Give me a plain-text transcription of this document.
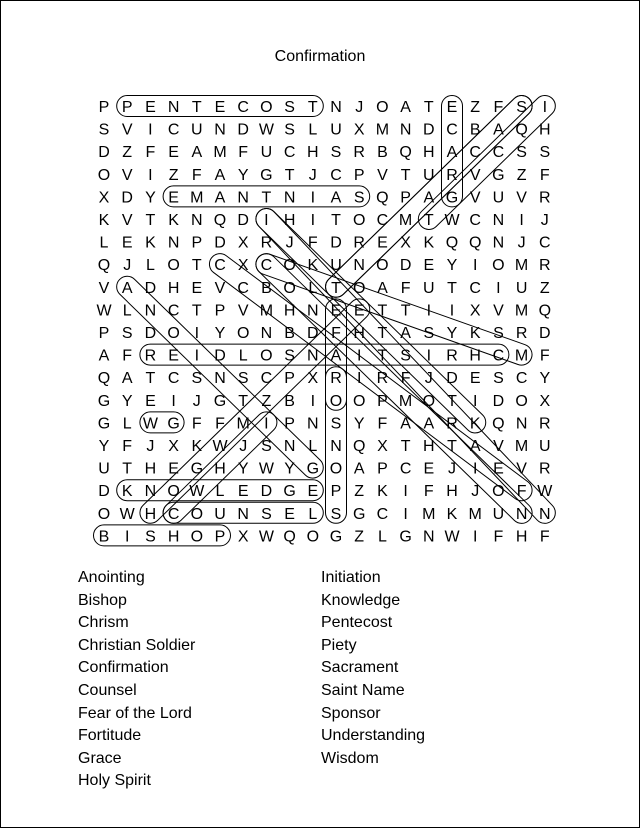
Confirmation
P P E N T E C O S T N J O A T E Z F S I
S V I C U N D W S L U X M N D C B A Q H
D Z F E A M F U C H S R B Q H A C C S S
O V I Z F A Y G T J C P V T U R V G Z F
X D Y E M A N T N I A S Q P A G V U V R
K V T K N Q D I H I T O C M T W C N I J
L E K N P D X R J F D R E X K Q Q N J C
Q J L O T C X C O K U N O D E Y I O M R
V A D H E V C B O L T O A F U T C I U Z
W L N C T P V M H N E E T T I I X V M Q
P S D O I Y O N B D F H T A S Y K S R D
A F R E I D L O S N A I T S I R H C M F
Q A T C S N S C P X R I R F J D E S C Y
G Y E I J G T Z B I O O P M O T I D O X
G L W G F F M I P N S Y F A A R K Q N R
Y F J X K W J S N L N Q X T H T A V M U
U T H E G H Y W Y G O A P C E J I E V R
D K N O W L E D G E P Z K I F H J O F W
O W H C O U N S E L S G C I M K M U N N
B I S H O P X W Q O G Z L G N W I F H F
Anointing
Bishop
Chrism
Christian Soldier
Confirmation
Counsel
Fear of the Lord
Fortitude
Grace
Holy Spirit
Initiation
Knowledge
Pentecost
Piety
Sacrament
Saint Name
Sponsor
Understanding
Wisdom
